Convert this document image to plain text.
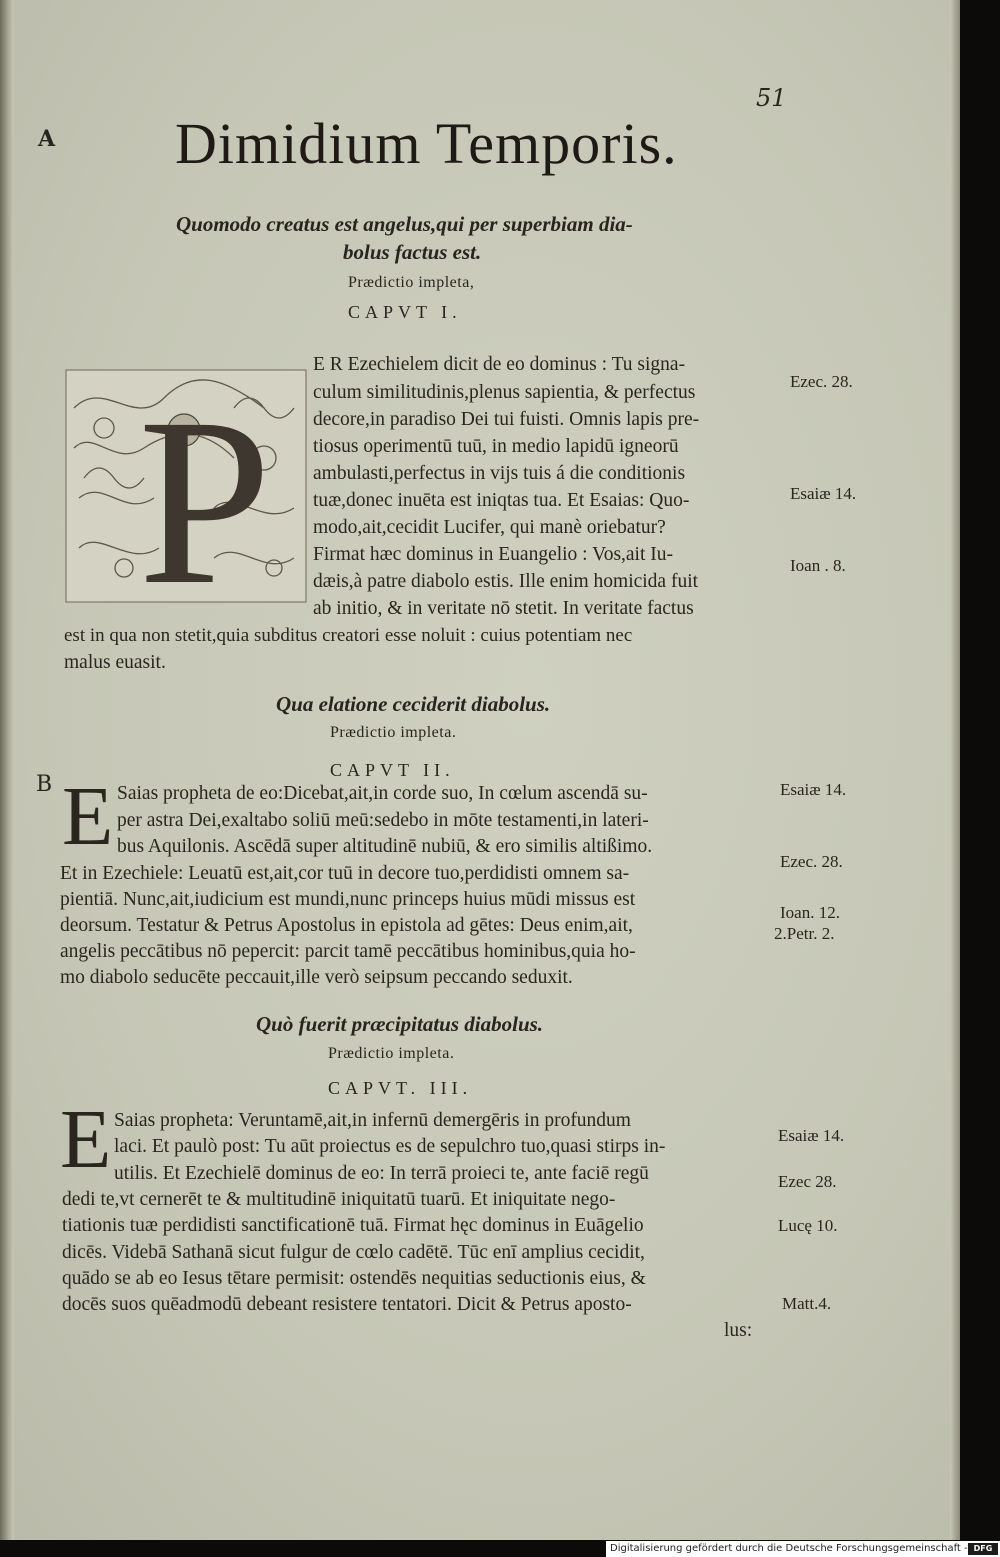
51
A
B
Dimidium Temporis.
Quomodo creatus est angelus,qui per superbiam dia-
bolus factus est.
Prædictio impleta,
CAPVT I.
P
E R Ezechielem dicit de eo dominus : Tu signa-
culum similitudinis,plenus sapientia, & perfectus
decore,in paradiso Dei tui fuisti. Omnis lapis pre-
tiosus operimentū tuū, in medio lapidū igneorū
ambulasti,perfectus in vijs tuis á die conditionis
tuæ,donec inuēta est iniqtas tua. Et Esaias: Quo-
modo,ait,cecidit Lucifer, qui manè oriebatur?
Firmat hæc dominus in Euangelio : Vos,ait Iu-
dæis,à patre diabolo estis. Ille enim homicida fuit
ab initio, & in veritate nō stetit. In veritate factus
est in qua non stetit,quia subditus creatori esse noluit : cuius potentiam nec
malus euasit.
Ezec. 28.
Esaiæ 14.
Ioan . 8.
Qua elatione ceciderit diabolus.
Prædictio impleta.
CAPVT II.
E Saias propheta de eo:Dicebat,ait,in corde suo, In cœlum ascendā su-
per astra Dei,exaltabo soliū meū:sedebo in mōte testamenti,in lateri-
bus Aquilonis. Ascēdā super altitudinē nubiū, & ero similis altißimo.
Et in Ezechiele: Leuatū est,ait,cor tuū in decore tuo,perdidisti omnem sa-
pientiā. Nunc,ait,iudicium est mundi,nunc princeps huius mūdi missus est
deorsum. Testatur & Petrus Apostolus in epistola ad gētes: Deus enim,ait,
angelis peccātibus nō pepercit: parcit tamē peccātibus hominibus,quia ho-
mo diabolo seducēte peccauit,ille verò seipsum peccando seduxit.
Esaiæ 14.
Ezec. 28.
Ioan. 12.
2.Petr. 2.
Quò fuerit præcipitatus diabolus.
Prædictio impleta.
CAPVT. III.
E Saias propheta: Veruntamē,ait,in infernū demergēris in profundum
laci. Et paulò post: Tu aūt proiectus es de sepulchro tuo,quasi stirps in-
utilis. Et Ezechielē dominus de eo: In terrā proieci te, ante faciē regū
dedi te,vt cernerēt te & multitudinē iniquitatū tuarū. Et iniquitate nego-
tiationis tuæ perdidisti sanctificationē tuā. Firmat hęc dominus in Euāgelio
dicēs. Videbā Sathanā sicut fulgur de cœlo cadētē. Tūc enī amplius cecidit,
quādo se ab eo Iesus tētare permisit: ostendēs nequitias seductionis eius, &
docēs suos quēadmodū debeant resistere tentatori. Dicit & Petrus aposto-
lus:
Esaiæ 14.
Ezec 28.
Lucę 10.
Matt.4.
Digitalisierung gefördert durch die Deutsche Forschungsgemeinschaft - DFG
